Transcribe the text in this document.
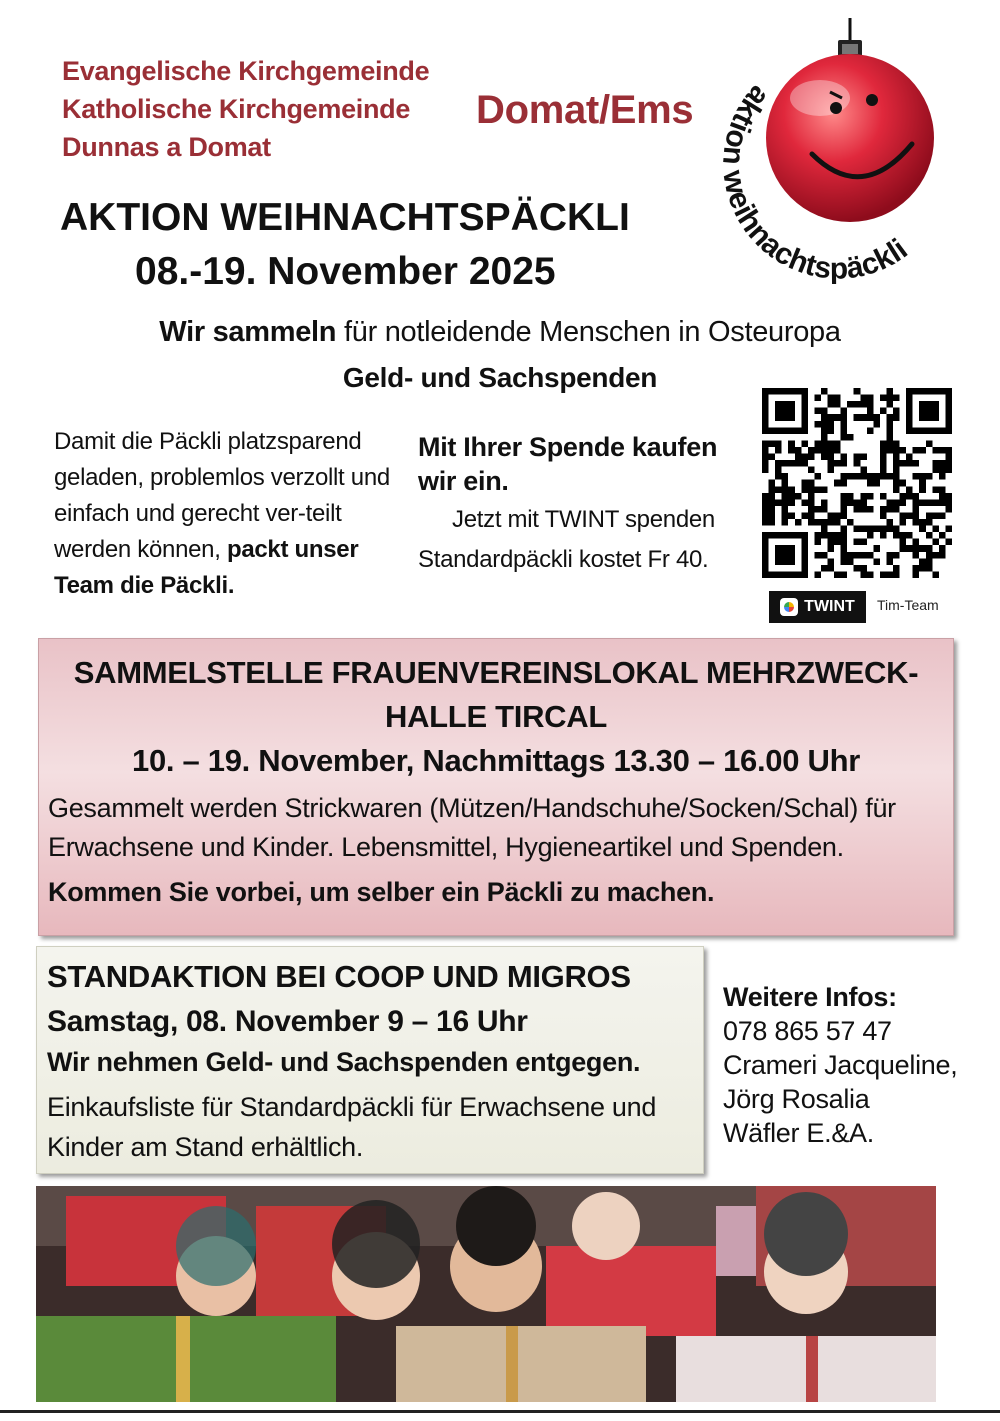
Evangelische Kirchgemeinde
Katholische Kirchgemeinde
Dunnas a Domat
Domat/Ems	aktion weihnachtspäckli
AKTION WEIHNACHTSPÄCKLI
08.-19. November 2025
Wir sammeln für notleidende Menschen in Osteuropa
Geld- und Sachspenden
Damit die Päckli platzsparend geladen, problemlos verzollt und einfach und gerecht ver-teilt werden können, packt unser Team die Päckli.
Mit Ihrer Spende kaufen wir ein.
Jetzt mit TWINT spenden
Standardpäckli kostet Fr 40.
TWINT Tim-Team
SAMMELSTELLE FRAUENVEREINSLOKAL MEHRZWECK-HALLE TIRCAL
10. – 19. November, Nachmittags 13.30 – 16.00 Uhr
Gesammelt werden Strickwaren (Mützen/Handschuhe/Socken/Schal) für Erwachsene und Kinder. Lebensmittel, Hygieneartikel und Spenden.
Kommen Sie vorbei, um selber ein Päckli zu machen.
STANDAKTION BEI COOP UND MIGROS
Samstag, 08. November 9 – 16 Uhr
Wir nehmen Geld- und Sachspenden entgegen.
Einkaufsliste für Standardpäckli für Erwachsene und Kinder am Stand erhältlich.
Weitere Infos:
078 865 57 47
Crameri Jacqueline,
Jörg Rosalia
Wäfler E.&A.
